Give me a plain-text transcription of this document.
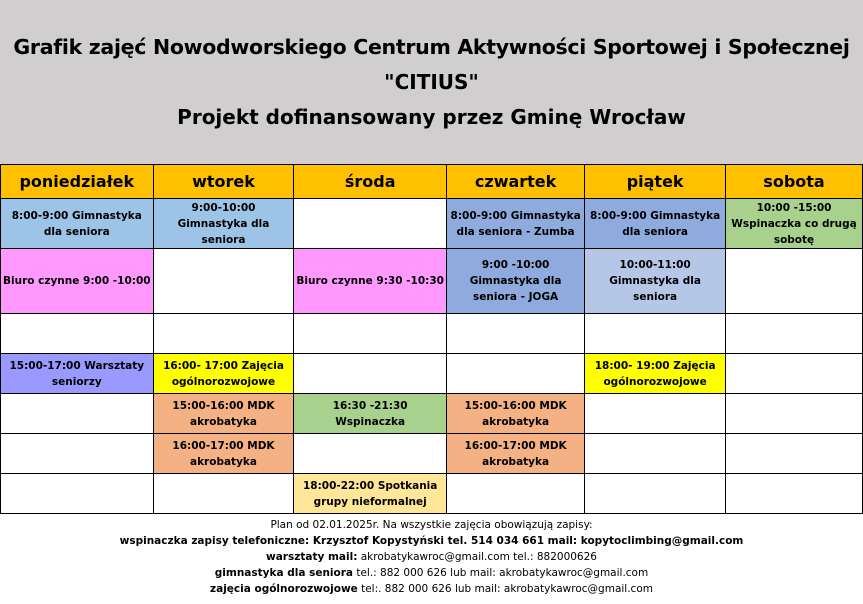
Grafik zajęć Nowodworskiego Centrum Aktywności Sportowej i Społecznej
"CITIUS"
Projekt dofinansowany przez Gminę Wrocław
poniedziałek	wtorek	środa	czwartek	piątek	sobota
8:00-9:00 Gimnastyka dla seniora	9:00-10:00 Gimnastyka dla seniora		8:00-9:00 Gimnastyka dla seniora - Zumba	8:00-9:00 Gimnastyka dla seniora	10:00 -15:00 Wspinaczka co drugą sobotę
Biuro czynne 9:00 -10:00		Biuro czynne 9:30 -10:30	9:00 -10:00 Gimnastyka dla seniora - JOGA	10:00-11:00 Gimnastyka dla seniora	

15:00-17:00 Warsztaty seniorzy	16:00- 17:00 Zajęcia ogólnorozwojowe			18:00- 19:00 Zajęcia ogólnorozwojowe	
	15:00-16:00 MDK akrobatyka	16:30 -21:30 Wspinaczka	15:00-16:00 MDK akrobatyka		
	16:00-17:00 MDK akrobatyka		16:00-17:00 MDK akrobatyka		
		18:00-22:00 Spotkania grupy nieformalnej			
Plan od 02.01.2025r. Na wszystkie zajęcia obowiązują zapisy:
wspinaczka zapisy telefoniczne: Krzysztof Kopystyński tel. 514 034 661 mail: kopytoclimbing@gmail.com
warsztaty mail: akrobatykawroc@gmail.com tel.: 882000626
gimnastyka dla seniora tel.: 882 000 626 lub mail: akrobatykawroc@gmail.com
zajęcia ogólnorozwojowe tel:. 882 000 626 lub mail: akrobatykawroc@gmail.com
